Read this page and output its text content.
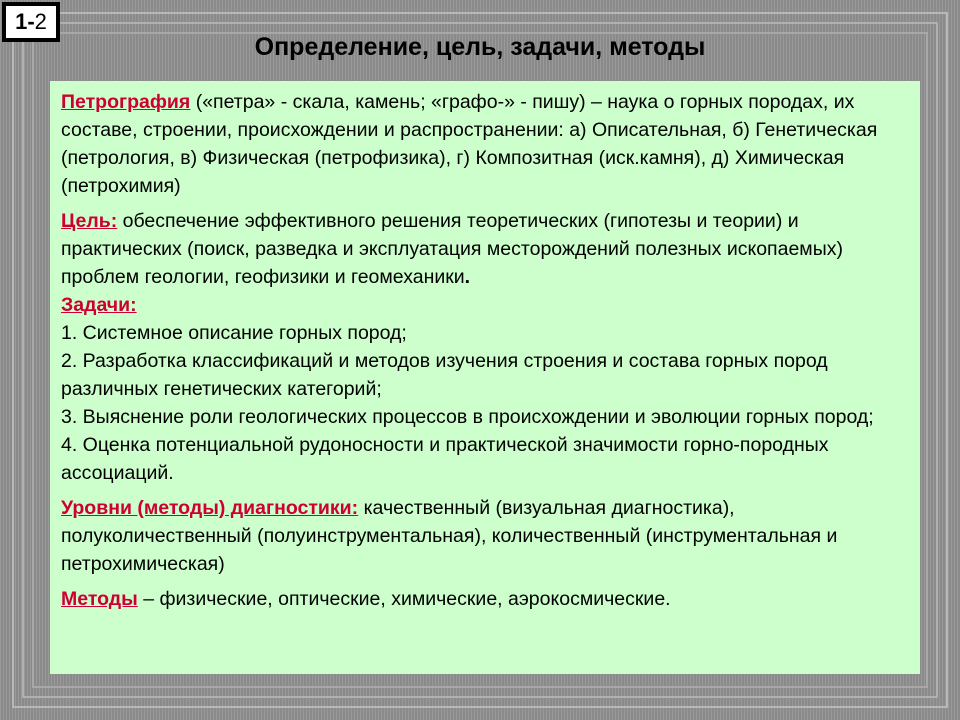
1-2
Определение, цель, задачи, методы

Петрография («петра» - скала, камень; «графо-» - пишу) – наука о горных породах, их составе, строении, происхождении и распространении: а) Описательная, б) Генетическая (петрология, в) Физическая (петрофизика), г) Композитная (иск.камня), д) Химическая (петрохимия)

Цель: обеспечение эффективного решения теоретических (гипотезы и теории) и практических (поиск, разведка и эксплуатация месторождений полезных ископаемых) проблем геологии, геофизики и геомеханики.

Задачи:

1. Системное описание горных пород;

2. Разработка классификаций и методов изучения строения и состава горных пород различных генетических категорий;

3. Выяснение роли геологических процессов в происхождении и эволюции горных пород;

4. Оценка потенциальной рудоносности и практической значимости горно-породных ассоциаций.

Уровни (методы) диагностики: качественный (визуальная диагностика), полуколичественный (полуинструментальная), количественный (инструментальная и петрохимическая)

Методы – физические, оптические, химические, аэрокосмические.
